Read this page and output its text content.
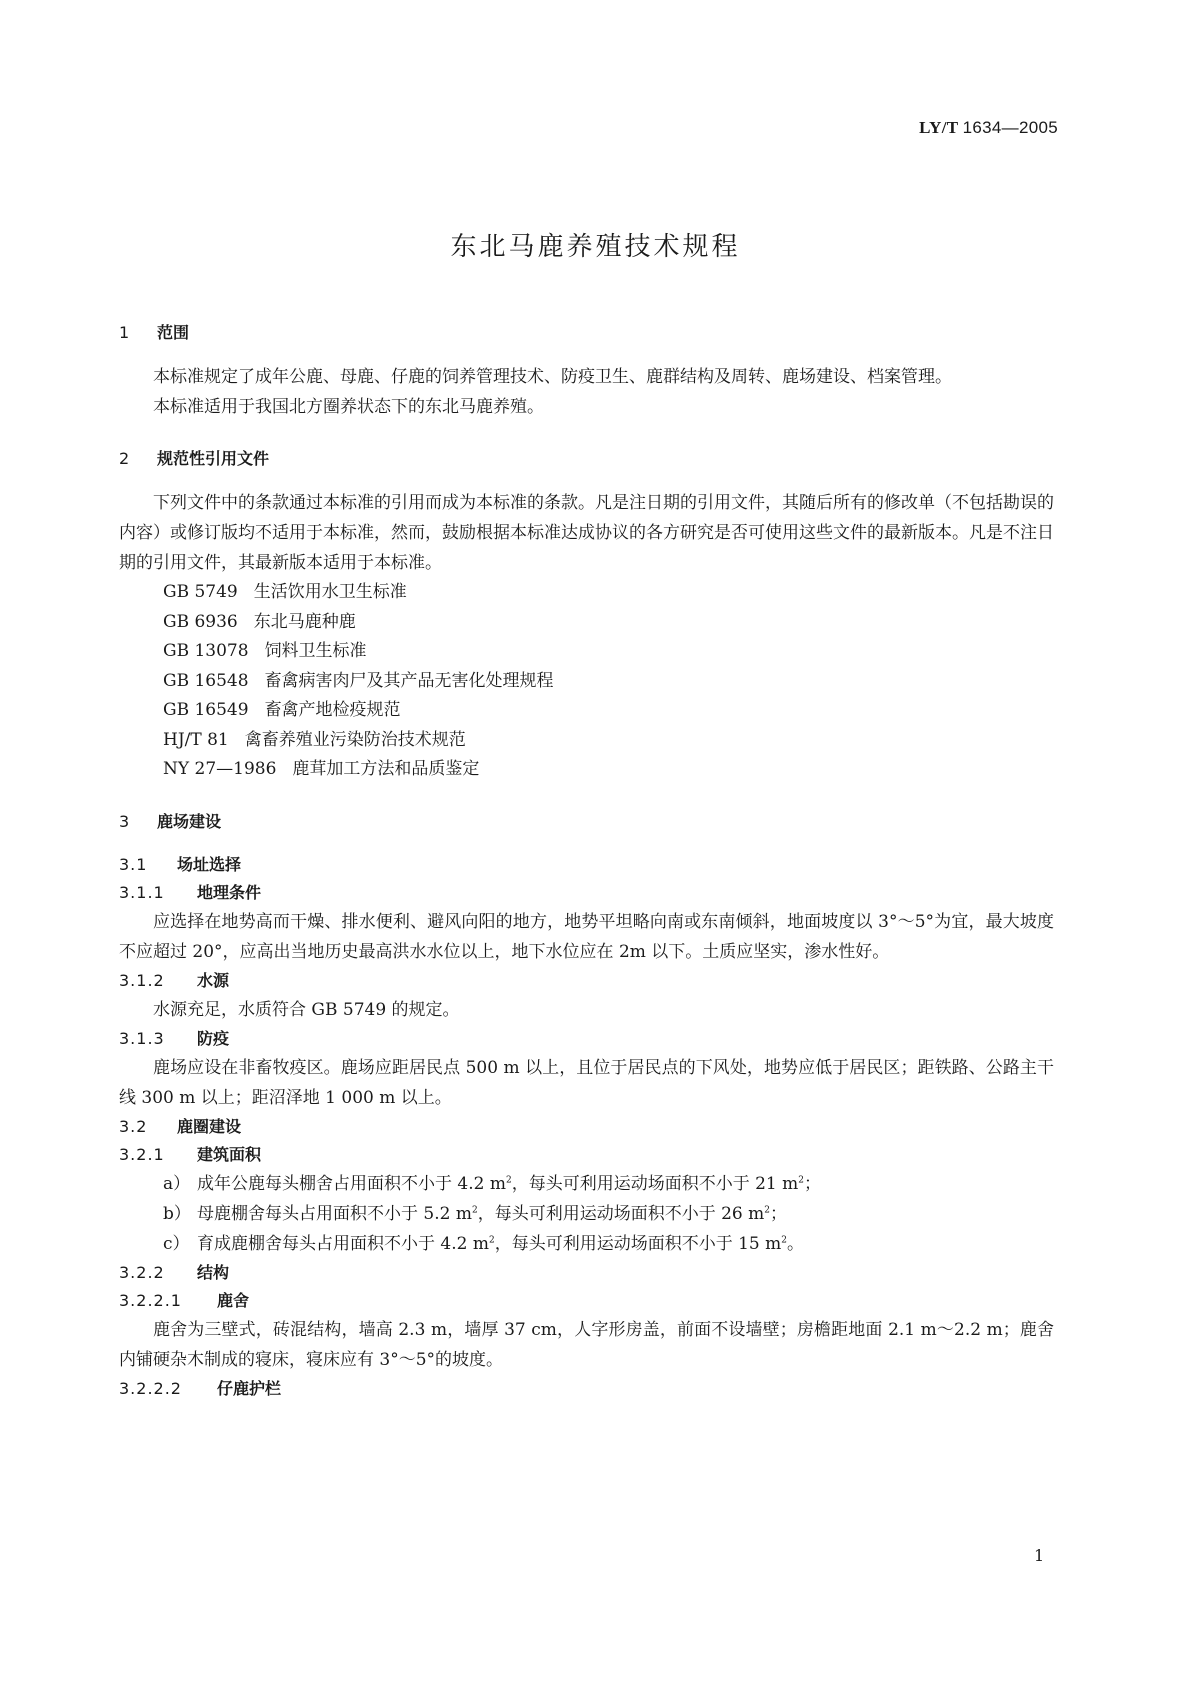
LY/T 1634—2005
东北马鹿养殖技术规程
1 范围

本标准规定了成年公鹿、母鹿、仔鹿的饲养管理技术、防疫卫生、鹿群结构及周转、鹿场建设、档案管理。

本标准适用于我国北方圈养状态下的东北马鹿养殖。

2 规范性引用文件

下列文件中的条款通过本标准的引用而成为本标准的条款。凡是注日期的引用文件，其随后所有的修改单（不包括勘误的内容）或修订版均不适用于本标准，然而，鼓励根据本标准达成协议的各方研究是否可使用这些文件的最新版本。凡是不注日期的引用文件，其最新版本适用于本标准。

GB 5749 生活饮用水卫生标准
GB 6936 东北马鹿种鹿
GB 13078 饲料卫生标准
GB 16548 畜禽病害肉尸及其产品无害化处理规程
GB 16549 畜禽产地检疫规范
HJ/T 81 禽畜养殖业污染防治技术规范
NY 27—1986 鹿茸加工方法和品质鉴定
3 鹿场建设
3.1 场址选择
3.1.1 地理条件

应选择在地势高而干燥、排水便利、避风向阳的地方，地势平坦略向南或东南倾斜，地面坡度以 3°～5°为宜，最大坡度不应超过 20°，应高出当地历史最高洪水水位以上，地下水位应在 2m 以下。土质应坚实，渗水性好。

3.1.2 水源

水源充足，水质符合 GB 5749 的规定。

3.1.3 防疫

鹿场应设在非畜牧疫区。鹿场应距居民点 500 m 以上，且位于居民点的下风处，地势应低于居民区；距铁路、公路主干线 300 m 以上；距沼泽地 1 000 m 以上。

3.2 鹿圈建设
3.2.1 建筑面积
a） 成年公鹿每头棚舍占用面积不小于 4.2 $m^2$，每头可利用运动场面积不小于 21 $m^2$；
b） 母鹿棚舍每头占用面积不小于 5.2 $m^2$，每头可利用运动场面积不小于 26 $m^2$；
c） 育成鹿棚舍每头占用面积不小于 4.2 $m^2$，每头可利用运动场面积不小于 15 $m^2$。
3.2.2 结构
3.2.2.1 鹿舍

鹿舍为三壁式，砖混结构，墙高 2.3 m，墙厚 37 cm，人字形房盖，前面不设墙壁；房檐距地面 2.1 m～2.2 m；鹿舍内铺硬杂木制成的寝床，寝床应有 3°～5°的坡度。

3.2.2.2 仔鹿护栏
1
